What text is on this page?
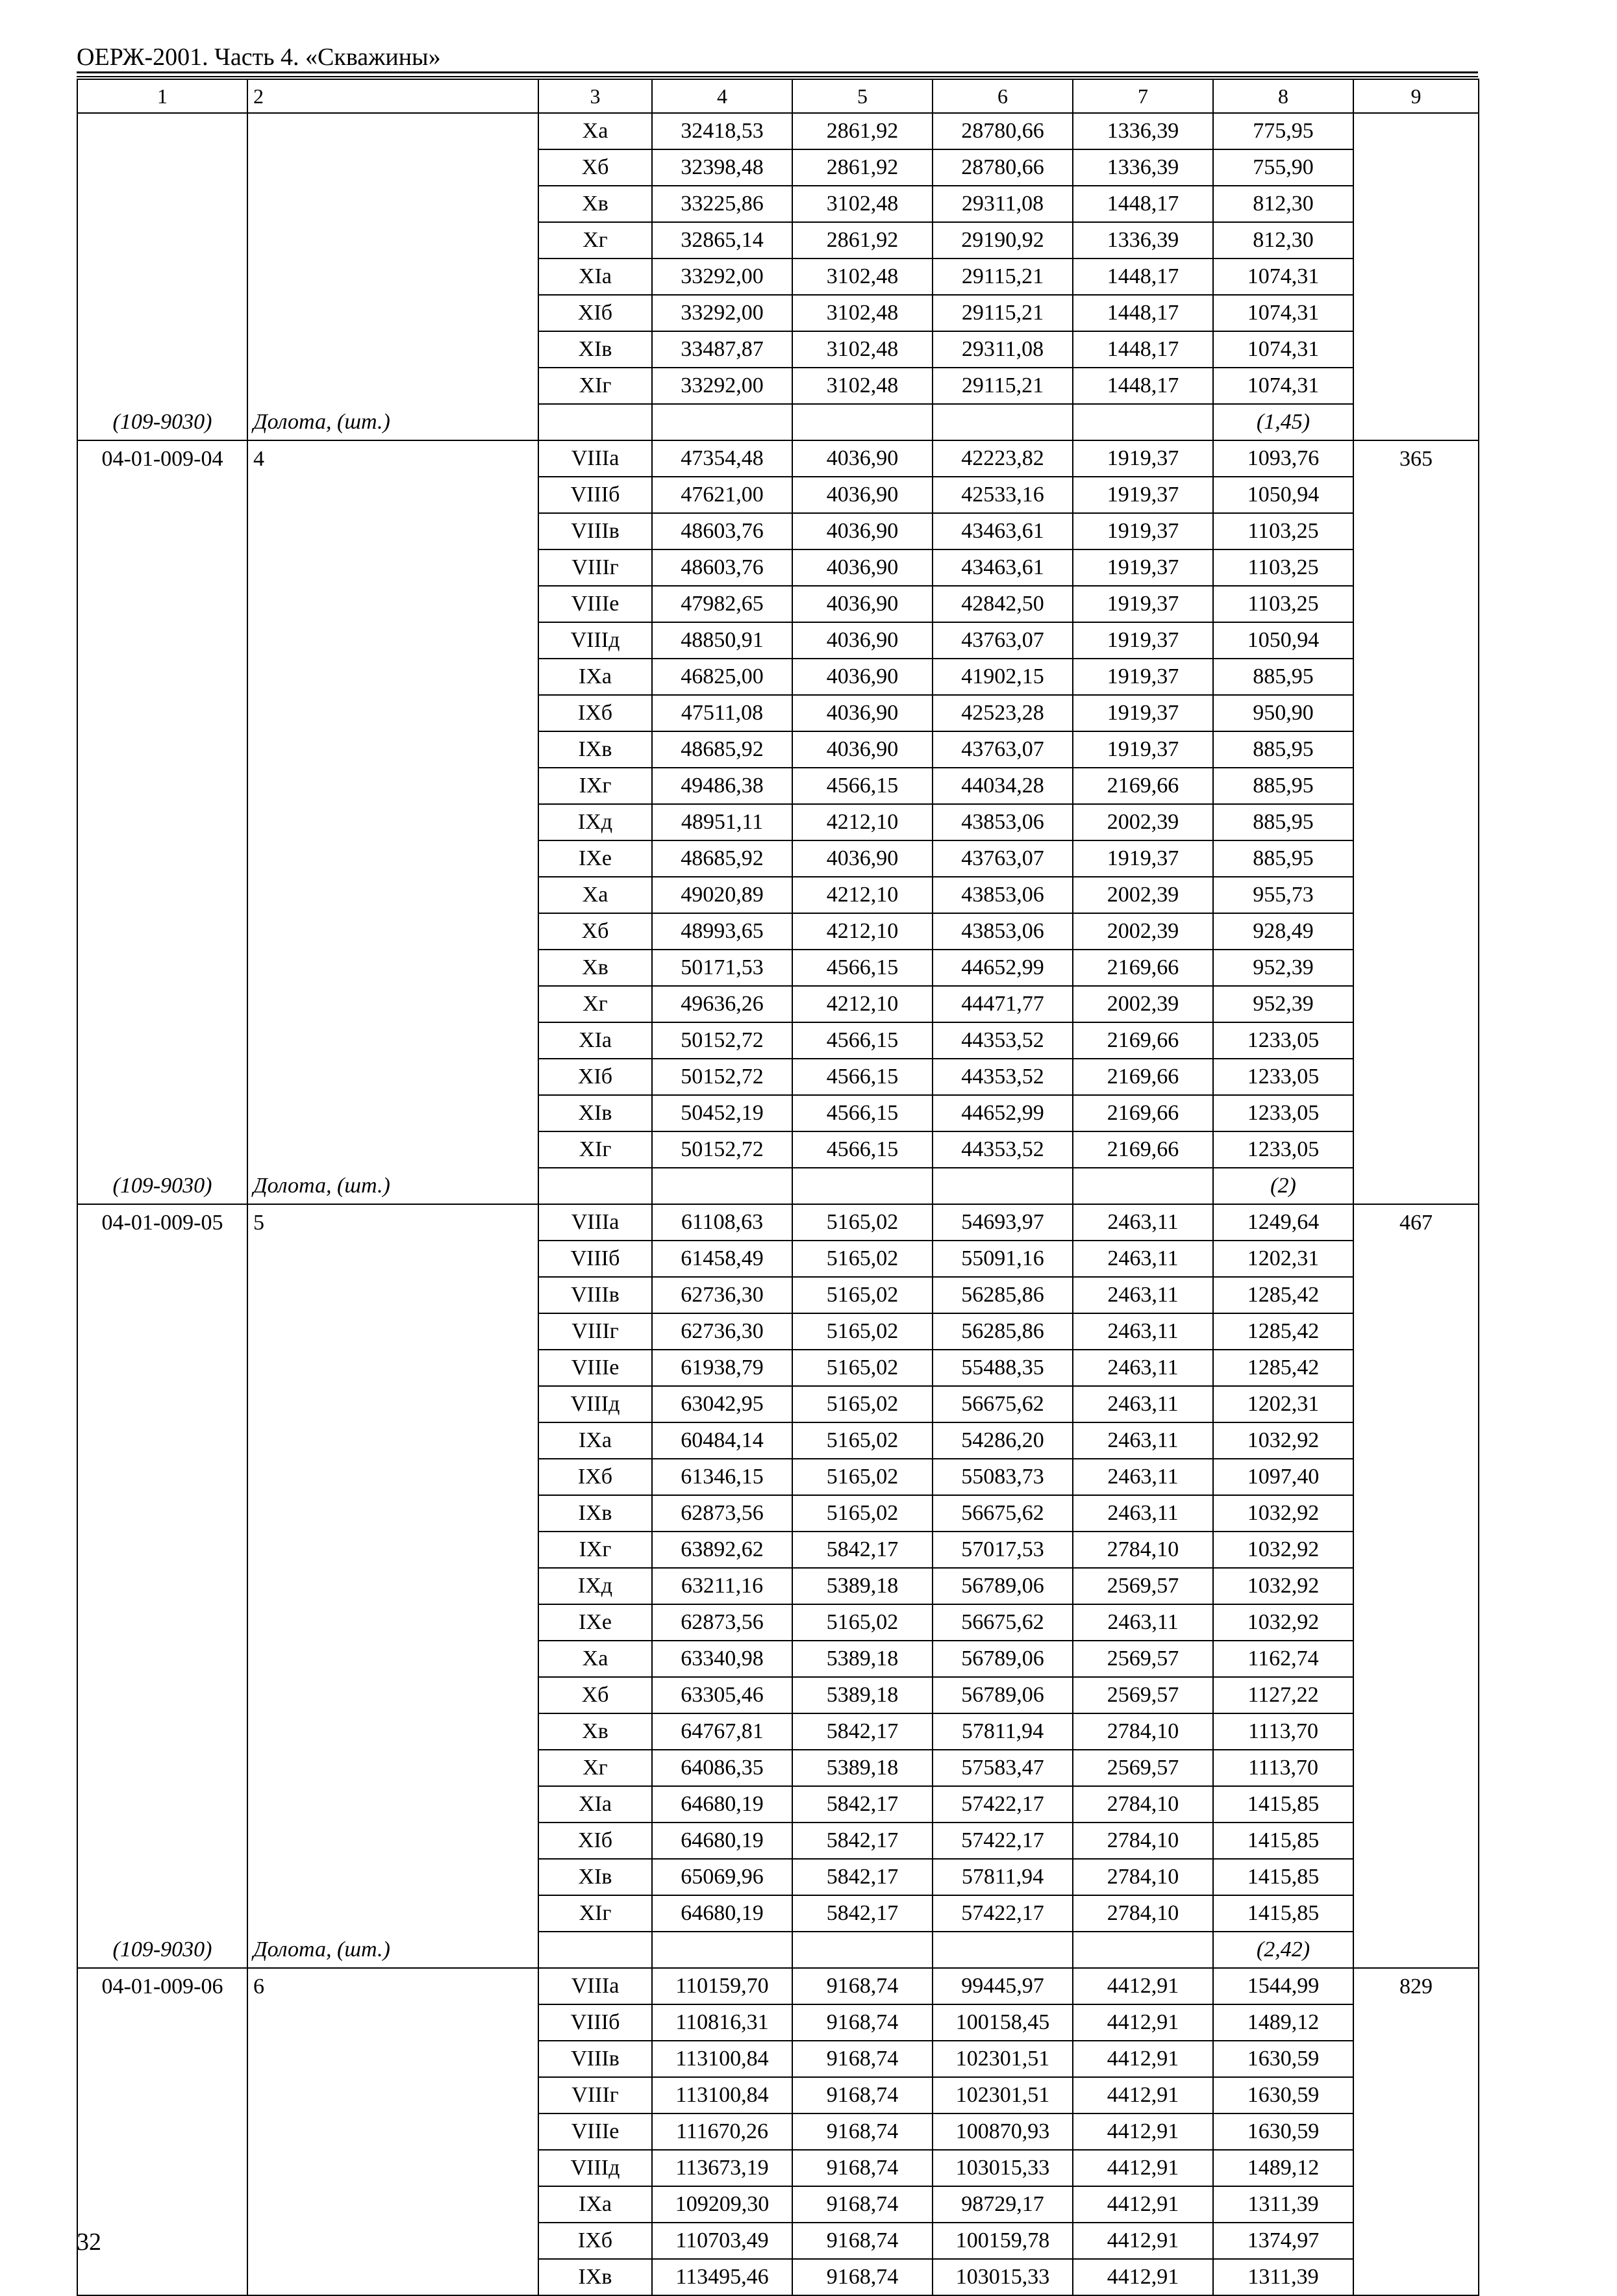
ОЕРЖ-2001. Часть 4. «Скважины»
1	2	3	4	5	6	7	8	9
		Xa	32418,53	2861,92	28780,66	1336,39	775,95	
		Xб	32398,48	2861,92	28780,66	1336,39	755,90	
		Xв	33225,86	3102,48	29311,08	1448,17	812,30	
		Xг	32865,14	2861,92	29190,92	1336,39	812,30	
		XIa	33292,00	3102,48	29115,21	1448,17	1074,31	
		XIб	33292,00	3102,48	29115,21	1448,17	1074,31	
		XIв	33487,87	3102,48	29311,08	1448,17	1074,31	
		XIг	33292,00	3102,48	29115,21	1448,17	1074,31	
(109-9030)	Долота, (шт.)						(1,45)	
04-01-009-04	4	VIIIa	47354,48	4036,90	42223,82	1919,37	1093,76	365
		VIIIб	47621,00	4036,90	42533,16	1919,37	1050,94	
		VIIIв	48603,76	4036,90	43463,61	1919,37	1103,25	
		VIIIг	48603,76	4036,90	43463,61	1919,37	1103,25	
		VIIIе	47982,65	4036,90	42842,50	1919,37	1103,25	
		VIIIд	48850,91	4036,90	43763,07	1919,37	1050,94	
		IXa	46825,00	4036,90	41902,15	1919,37	885,95	
		IXб	47511,08	4036,90	42523,28	1919,37	950,90	
		IXв	48685,92	4036,90	43763,07	1919,37	885,95	
		IXг	49486,38	4566,15	44034,28	2169,66	885,95	
		IXд	48951,11	4212,10	43853,06	2002,39	885,95	
		IXе	48685,92	4036,90	43763,07	1919,37	885,95	
		Xa	49020,89	4212,10	43853,06	2002,39	955,73	
		Xб	48993,65	4212,10	43853,06	2002,39	928,49	
		Xв	50171,53	4566,15	44652,99	2169,66	952,39	
		Xг	49636,26	4212,10	44471,77	2002,39	952,39	
		XIa	50152,72	4566,15	44353,52	2169,66	1233,05	
		XIб	50152,72	4566,15	44353,52	2169,66	1233,05	
		XIв	50452,19	4566,15	44652,99	2169,66	1233,05	
		XIг	50152,72	4566,15	44353,52	2169,66	1233,05	
(109-9030)	Долота, (шт.)						(2)	
04-01-009-05	5	VIIIa	61108,63	5165,02	54693,97	2463,11	1249,64	467
		VIIIб	61458,49	5165,02	55091,16	2463,11	1202,31	
		VIIIв	62736,30	5165,02	56285,86	2463,11	1285,42	
		VIIIг	62736,30	5165,02	56285,86	2463,11	1285,42	
		VIIIе	61938,79	5165,02	55488,35	2463,11	1285,42	
		VIIIд	63042,95	5165,02	56675,62	2463,11	1202,31	
		IXa	60484,14	5165,02	54286,20	2463,11	1032,92	
		IXб	61346,15	5165,02	55083,73	2463,11	1097,40	
		IXв	62873,56	5165,02	56675,62	2463,11	1032,92	
		IXг	63892,62	5842,17	57017,53	2784,10	1032,92	
		IXд	63211,16	5389,18	56789,06	2569,57	1032,92	
		IXе	62873,56	5165,02	56675,62	2463,11	1032,92	
		Xa	63340,98	5389,18	56789,06	2569,57	1162,74	
		Xб	63305,46	5389,18	56789,06	2569,57	1127,22	
		Xв	64767,81	5842,17	57811,94	2784,10	1113,70	
		Xг	64086,35	5389,18	57583,47	2569,57	1113,70	
		XIa	64680,19	5842,17	57422,17	2784,10	1415,85	
		XIб	64680,19	5842,17	57422,17	2784,10	1415,85	
		XIв	65069,96	5842,17	57811,94	2784,10	1415,85	
		XIг	64680,19	5842,17	57422,17	2784,10	1415,85	
(109-9030)	Долота, (шт.)						(2,42)	
04-01-009-06	6	VIIIa	110159,70	9168,74	99445,97	4412,91	1544,99	829
		VIIIб	110816,31	9168,74	100158,45	4412,91	1489,12	
		VIIIв	113100,84	9168,74	102301,51	4412,91	1630,59	
		VIIIг	113100,84	9168,74	102301,51	4412,91	1630,59	
		VIIIе	111670,26	9168,74	100870,93	4412,91	1630,59	
		VIIIд	113673,19	9168,74	103015,33	4412,91	1489,12	
		IXa	109209,30	9168,74	98729,17	4412,91	1311,39	
		IXб	110703,49	9168,74	100159,78	4412,91	1374,97	
		IXв	113495,46	9168,74	103015,33	4412,91	1311,39	
32
